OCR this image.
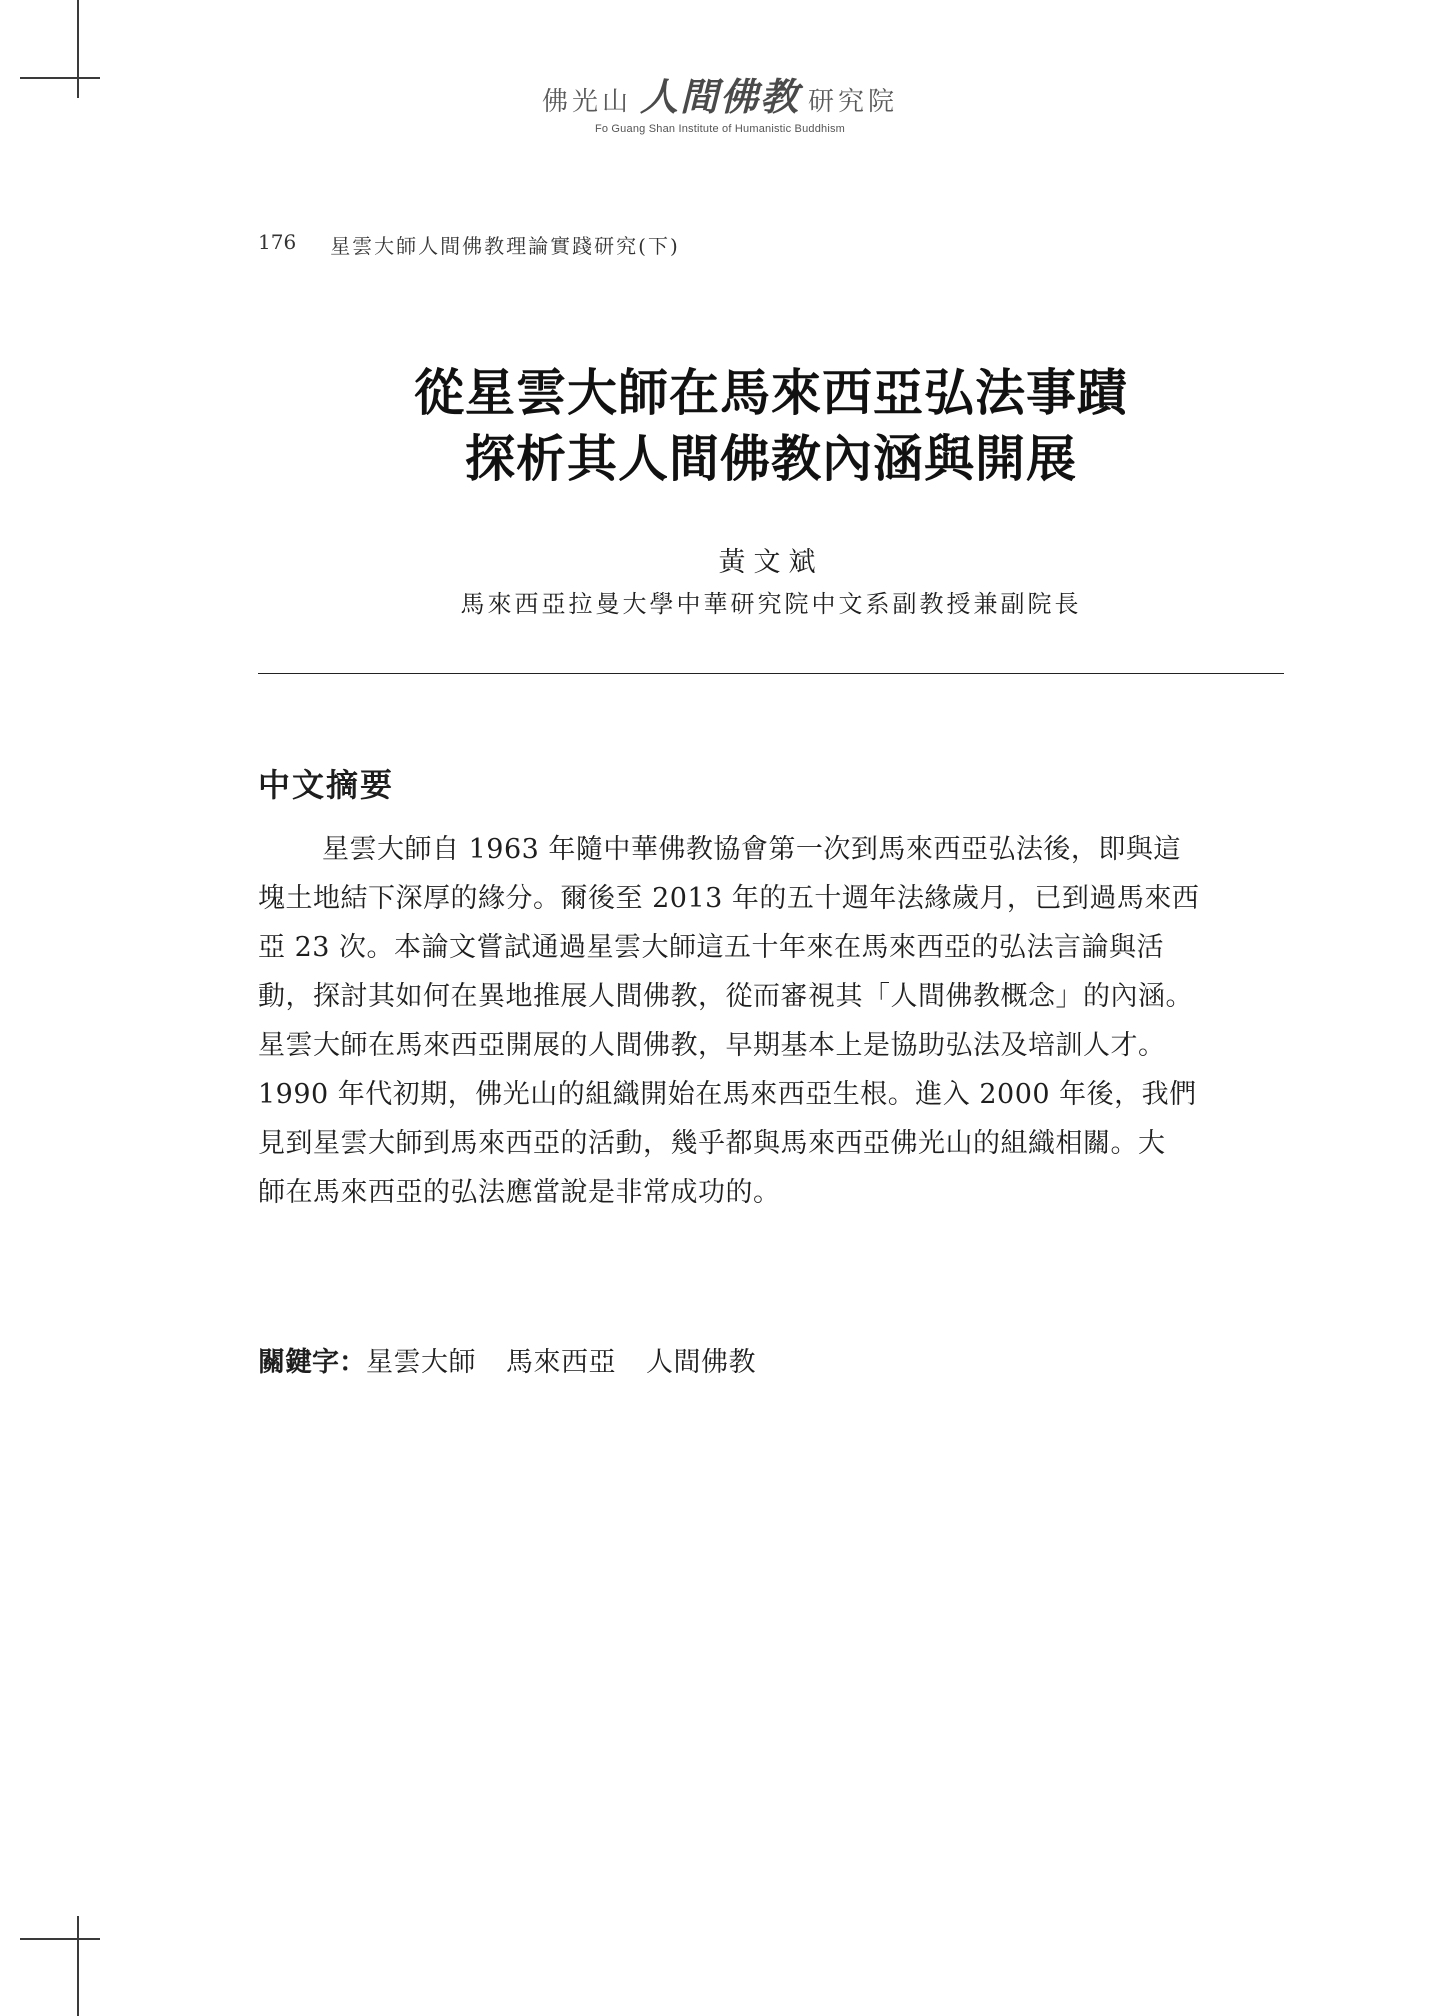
佛光山 人間佛教 研究院
Fo Guang Shan Institute of Humanistic Buddhism
176 星雲大師人間佛教理論實踐研究(下)
從星雲大師在馬來西亞弘法事蹟
探析其人間佛教內涵與開展
黃文斌
馬來西亞拉曼大學中華研究院中文系副教授兼副院長
中文摘要

星雲大師自 1963 年隨中華佛教協會第一次到馬來西亞弘法後，即與這
塊土地結下深厚的緣分。爾後至 2013 年的五十週年法緣歲月，已到過馬來西
亞 23 次。本論文嘗試通過星雲大師這五十年來在馬來西亞的弘法言論與活
動，探討其如何在異地推展人間佛教，從而審視其「人間佛教概念」的內涵。
星雲大師在馬來西亞開展的人間佛教，早期基本上是協助弘法及培訓人才。
1990 年代初期，佛光山的組織開始在馬來西亞生根。進入 2000 年後，我們
見到星雲大師到馬來西亞的活動，幾乎都與馬來西亞佛光山的組織相關。大
師在馬來西亞的弘法應當說是非常成功的。

關鍵字： 星雲大師 馬來西亞 人間佛教
